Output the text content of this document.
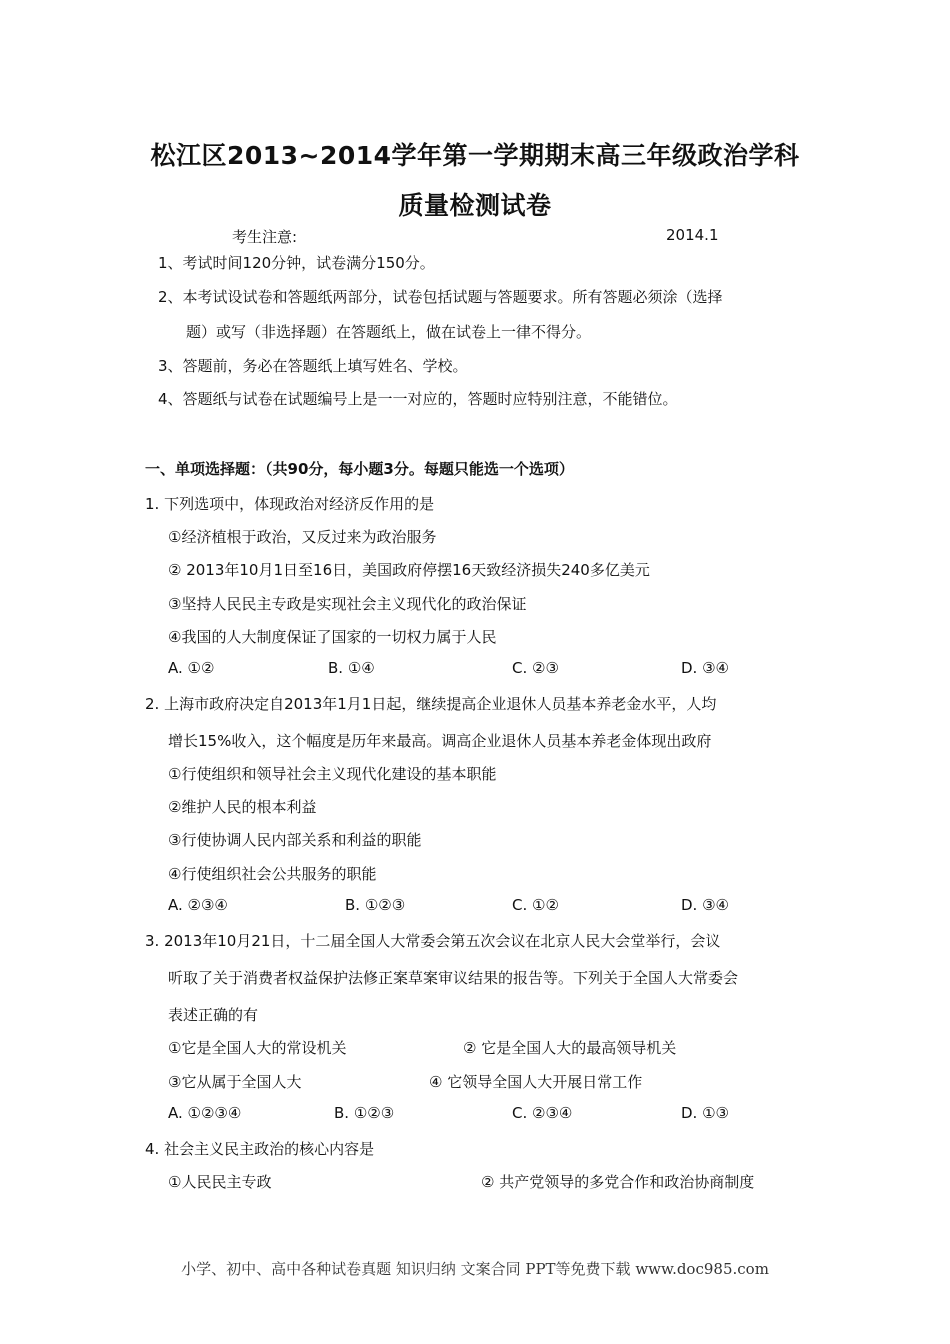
松江区2013~2014学年第一学期期末高三年级政治学科
质量检测试卷
考生注意:	2014.1
1、考试时间120分钟，试卷满分150分。
2、本考试设试卷和答题纸两部分，试卷包括试题与答题要求。所有答题必须涂（选择
题）或写（非选择题）在答题纸上，做在试卷上一律不得分。
3、答题前，务必在答题纸上填写姓名、学校。
4、答题纸与试卷在试题编号上是一一对应的，答题时应特别注意，不能错位。
一、单项选择题：（共90分，每小题3分。每题只能选一个选项）
1. 下列选项中，体现政治对经济反作用的是
①经济植根于政治，又反过来为政治服务
② 2013年10月1日至16日，美国政府停摆16天致经济损失240多亿美元
③坚持人民民主专政是实现社会主义现代化的政治保证
④我国的人大制度保证了国家的一切权力属于人民
A. ①②	B. ①④	C. ②③	D. ③④
2. 上海市政府决定自2013年1月1日起，继续提高企业退休人员基本养老金水平，人均
增长15%收入，这个幅度是历年来最高。调高企业退休人员基本养老金体现出政府
①行使组织和领导社会主义现代化建设的基本职能
②维护人民的根本利益
③行使协调人民内部关系和利益的职能
④行使组织社会公共服务的职能
A. ②③④	B. ①②③	C. ①②	D. ③④
3. 2013年10月21日，十二届全国人大常委会第五次会议在北京人民大会堂举行，会议
听取了关于消费者权益保护法修正案草案审议结果的报告等。下列关于全国人大常委会
表述正确的有
①它是全国人大的常设机关	② 它是全国人大的最高领导机关
③它从属于全国人大	④ 它领导全国人大开展日常工作
A. ①②③④	B. ①②③	C. ②③④	D. ①③
4. 社会主义民主政治的核心内容是
①人民民主专政	② 共产党领导的多党合作和政治协商制度
小学、初中、高中各种试卷真题 知识归纳 文案合同 PPT等免费下载 www.doc985.com
